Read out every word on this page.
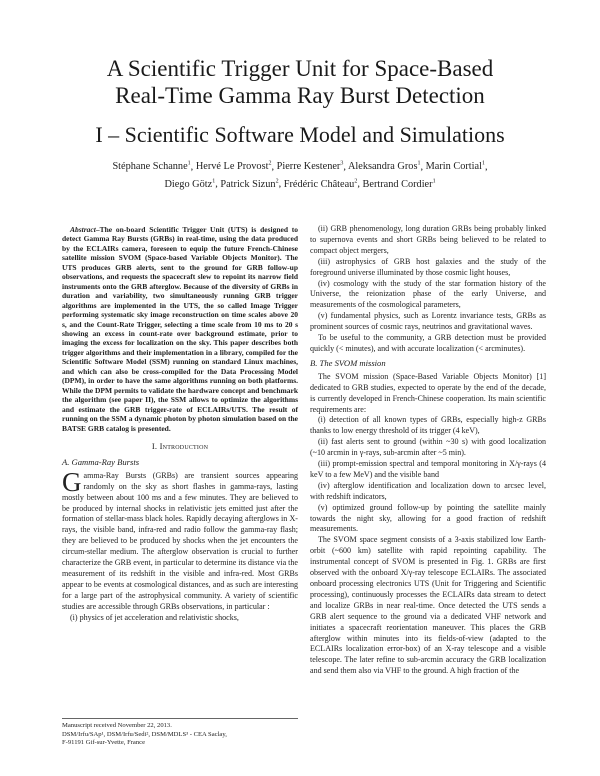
A Scientific Trigger Unit for Space-Based
Real-Time Gamma Ray Burst Detection
I – Scientific Software Model and Simulations
Stéphane Schanne$^1$, Hervé Le Provost$^2$, Pierre Kestener$^3$, Aleksandra Gros$^1$, Marin Cortial$^1$,
Diego Götz$^1$, Patrick Sizun$^2$, Frédéric Château$^2$, Bertrand Cordier$^1$

Abstract–The on-board Scientific Trigger Unit (UTS) is designed to detect Gamma Ray Bursts (GRBs) in real-time, using the data produced by the ECLAIRs camera, foreseen to equip the future French-Chinese satellite mission SVOM (Space-based Variable Objects Monitor). The UTS produces GRB alerts, sent to the ground for GRB follow-up observations, and requests the spacecraft slew to repoint its narrow field instruments onto the GRB afterglow. Because of the diversity of GRBs in duration and variability, two simultaneously running GRB trigger algorithms are implemented in the UTS, the so called Image Trigger performing systematic sky image reconstruction on time scales above 20 s, and the Count-Rate Trigger, selecting a time scale from 10 ms to 20 s showing an excess in count-rate over background estimate, prior to imaging the excess for localization on the sky. This paper describes both trigger algorithms and their implementation in a library, compiled for the Scientific Software Model (SSM) running on standard Linux machines, and which can also be cross-compiled for the Data Processing Model (DPM), in order to have the same algorithms running on both platforms. While the DPM permits to validate the hardware concept and benchmark the algorithm (see paper II), the SSM allows to optimize the algorithms and estimate the GRB trigger-rate of ECLAIRs/UTS. The result of running on the SSM a dynamic photon by photon simulation based on the BATSE GRB catalog is presented.

I. Introduction
A. Gamma-Ray Bursts

Gamma-Ray Bursts (GRBs) are transient sources appearing randomly on the sky as short flashes in gamma-rays, lasting mostly between about 100 ms and a few minutes. They are believed to be produced by internal shocks in relativistic jets emitted just after the formation of stellar-mass black holes. Rapidly decaying afterglows in X-rays, the visible band, infra-red and radio follow the gamma-ray flash; they are believed to be produced by shocks when the jet encounters the circum-stellar medium. The afterglow observation is crucial to further characterize the GRB event, in particular to determine its distance via the measurement of its redshift in the visible and infra-red. Most GRBs appear to be events at cosmological distances, and as such are interesting for a large part of the astrophysical community. A variety of scientific studies are accessible through GRBs observations, in particular :

(i) physics of jet acceleration and relativistic shocks,

(ii) GRB phenomenology, long duration GRBs being probably linked to supernova events and short GRBs being believed to be related to compact object mergers,

(iii) astrophysics of GRB host galaxies and the study of the foreground universe illuminated by those cosmic light houses,

(iv) cosmology with the study of the star formation history of the Universe, the reionization phase of the early Universe, and measurements of the cosmological parameters,

(v) fundamental physics, such as Lorentz invariance tests, GRBs as prominent sources of cosmic rays, neutrinos and gravitational waves.

To be useful to the community, a GRB detection must be provided quickly (< minutes), and with accurate localization (< arcminutes).

B. The SVOM mission

The SVOM mission (Space-Based Variable Objects Monitor) [1] dedicated to GRB studies, expected to operate by the end of the decade, is currently developed in French-Chinese cooperation. Its main scientific requirements are:

(i) detection of all known types of GRBs, especially high-z GRBs thanks to low energy threshold of its trigger (4 keV),

(ii) fast alerts sent to ground (within ~30 s) with good localization (~10 arcmin in γ-rays, sub-arcmin after ~5 min).

(iii) prompt-emission spectral and temporal monitoring in X/γ-rays (4 keV to a few MeV) and the visible band

(iv) afterglow identification and localization down to arcsec level, with redshift indicators,

(v) optimized ground follow-up by pointing the satellite mainly towards the night sky, allowing for a good fraction of redshift measurements.

The SVOM space segment consists of a 3-axis stabilized low Earth-orbit (~600 km) satellite with rapid repointing capability. The instrumental concept of SVOM is presented in Fig. 1. GRBs are first observed with the onboard X/γ-ray telescope ECLAIRs. The associated onboard processing electronics UTS (Unit for Triggering and Scientific processing), continuously processes the ECLAIRs data stream to detect and localize GRBs in near real-time. Once detected the UTS sends a GRB alert sequence to the ground via a dedicated VHF network and initiates a spacecraft reorientation maneuver. This places the GRB afterglow within minutes into its fields-of-view (adapted to the ECLAIRs localization error-box) of an X-ray telescope and a visible telescope. The later refine to sub-arcmin accuracy the GRB localization and send them also via VHF to the ground. A high fraction of the

Manuscript received November 22, 2013.
DSM/Irfu/SAp¹, DSM/Irfu/Sedi², DSM/MDLS³ - CEA Saclay,
F-91191 Gif-sur-Yvette, France
